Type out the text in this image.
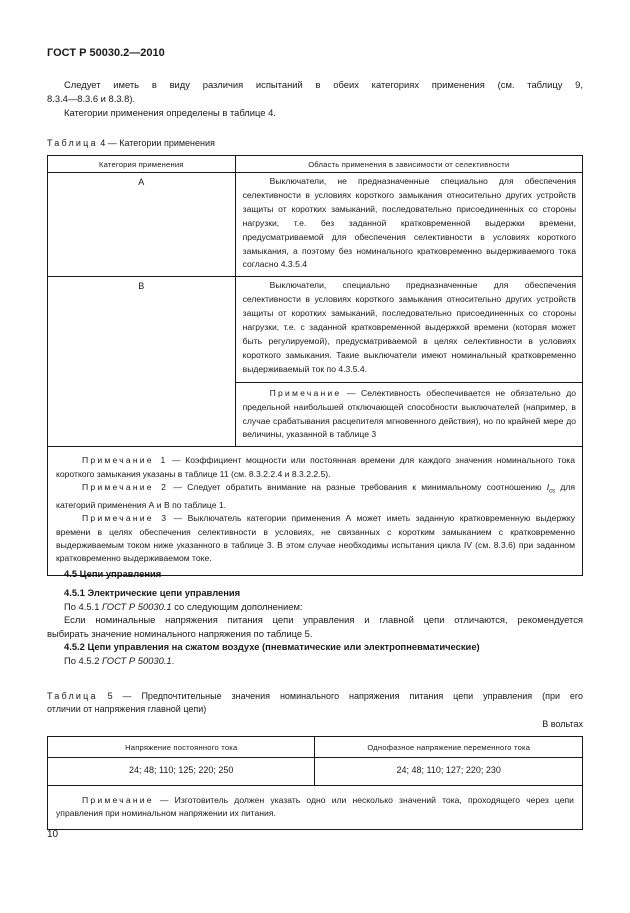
ГОСТ Р 50030.2—2010
Следует иметь в виду различия испытаний в обеих категориях применения (см. таблицу 9,
8.3.4—8.3.6 и 8.3.8).
Категории применения определены в таблице 4.
Таблица 4 — Категории применения
Категория применения	Область применения в зависимости от селективности
А	Выключатели, не предназначенные специально для обеспечения селективности в условиях короткого замыкания относительно других устройств защиты от коротких замыканий, последовательно присоединенных со стороны нагрузки, т.е. без заданной кратковременной выдержки времени, предусматриваемой для обеспечения селективности в условиях короткого замыкания, а поэтому без номинального кратковременно выдерживаемого тока согласно 4.3.5.4

В	Выключатели, специально предназначенные для обеспечения селективности в условиях короткого замыкания относительно других устройств защиты от коротких замыканий, последовательно присоединенных со стороны нагрузки, т.е. с заданной кратковременной выдержкой времени (которая может быть регулируемой), предусматриваемой в целях селективности в условиях короткого замыкания. Такие выключатели имеют номинальный кратковременно выдерживаемый ток по 4.3.5.4.
Примечание — Селективность обеспечивается не обязательно до предельной наибольшей отключающей способности выключателей (например, в случае срабатывания расцепителя мгновенного действия), но по крайней мере до величины, указанной в таблице 3

Примечание 1 — Коэффициент мощности или постоянная времени для каждого значения номинального тока короткого замыкания указаны в таблице 11 (см. 8.3.2.2.4 и 8.3.2.2.5).
Примечание 2 — Следует обратить внимание на разные требования к минимальному соотношению $I_{cs}$ для категорий применения А и В по таблице 1.
Примечание 3 — Выключатель категории применения А может иметь заданную кратковременную выдержку времени в целях обеспечения селективности в условиях, не связанных с коротким замыканием с кратковременно выдерживаемым током ниже указанного в таблице 3. В этом случае необходимы испытания цикла IV (см. 8.3.6) при заданном кратковременно выдерживаемом токе.	
4.5 Цепи управления
4.5.1 Электрические цепи управления
По 4.5.1 ГОСТ Р 50030.1 со следующим дополнением:
Если номинальные напряжения питания цепи управления и главной цепи отличаются, рекомендуется
выбирать значение номинального напряжения по таблице 5.
4.5.2 Цепи управления на сжатом воздухе (пневматические или электропневматические)
По 4.5.2 ГОСТ Р 50030.1.
Таблица 5 — Предпочтительные значения номинального напряжения питания цепи управления (при его
отличии от напряжения главной цепи)
В вольтах
Напряжение постоянного тока	Однофазное напряжение переменного тока
24; 48; 110; 125; 220; 250	24; 48; 110; 127; 220; 230

Примечание — Изготовитель должен указать одно или несколько значений тока, проходящего через цепи управления при номинальном напряжении их питания.	
10
